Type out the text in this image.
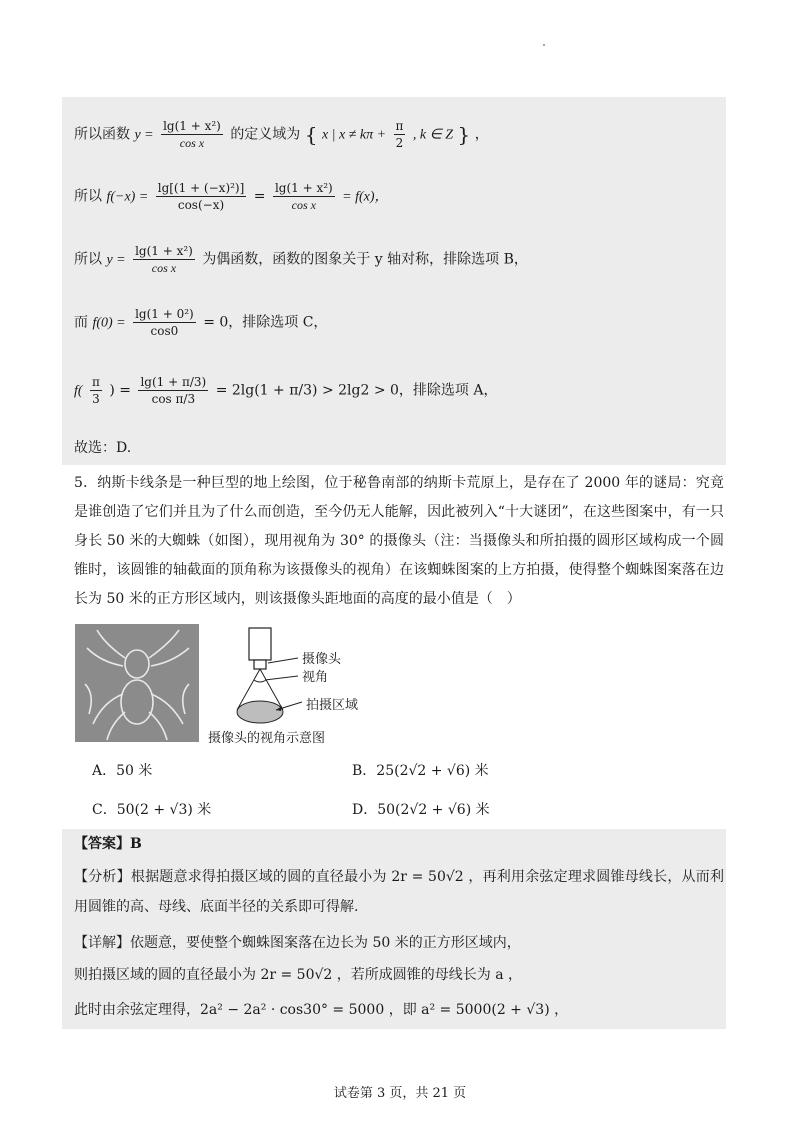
所以函数 $y = \frac{\text{lg(1 + x²)}}{\text{cos x}}$ 的定义域为 { x | $x \ne k\pi + \frac{\pi}{2}$ , k ∈ Z } ，
所以 $f(-x) = \frac{\text{lg[(1 + (−x)²)]}}{\cos(-x)} = \frac{\text{lg(1 + x²)}}{\text{cos x}} = f(x)$，
所以 $y = \frac{\text{lg(1 + x²)}}{\text{cos x}}$ 为偶函数，函数的图象关于 y 轴对称，排除选项 B，
而 $f(0) = \frac{\text{lg(1 + 0²)}}{\cos 0} = 0$，排除选项 C，
$f( \frac{\pi}{3}$ ) = $\frac{\lg(1 + \pi/3)}{\text{cos π/3}} = 2\lg(1 + \pi/3) > 2\lg 2 > 0$，排除选项 A，
故选：D.
5．纳斯卡线条是一种巨型的地上绘图，位于秘鲁南部的纳斯卡荒原上，是存在了 2000 年的谜局：究竟是谁创造了它们并且为了什么而创造，至今仍无人能解，因此被列入“十大谜团”，在这些图案中，有一只身长 50 米的大蜘蛛（如图），现用视角为 30° 的摄像头（注：当摄像头和所拍摄的圆形区域构成一个圆锥时，该圆锥的轴截面的顶角称为该摄像头的视角）在该蜘蛛图案的上方拍摄，使得整个蜘蛛图案落在边长为 50 米的正方形区域内，则该摄像头距地面的高度的最小值是（　）
摄像头
视角
拍摄区域
摄像头的视角示意图
A．50 米	B．25(2√2 + √6) 米
C．50(2 + √3) 米	D．50(2√2 + √6) 米
【答案】B
【分析】根据题意求得拍摄区域的圆的直径最小为 2r = 50√2 ，再利用余弦定理求圆锥母线长，从而利用圆锥的高、母线、底面半径的关系即可得解.
【详解】依题意，要使整个蜘蛛图案落在边长为 50 米的正方形区域内，
则拍摄区域的圆的直径最小为 2r = 50√2 ，若所成圆锥的母线长为 a ，
此时由余弦定理得，2a² − 2a² · cos30° = 5000 ，即 a² = 5000(2 + √3) ，
试卷第 3 页，共 21 页
